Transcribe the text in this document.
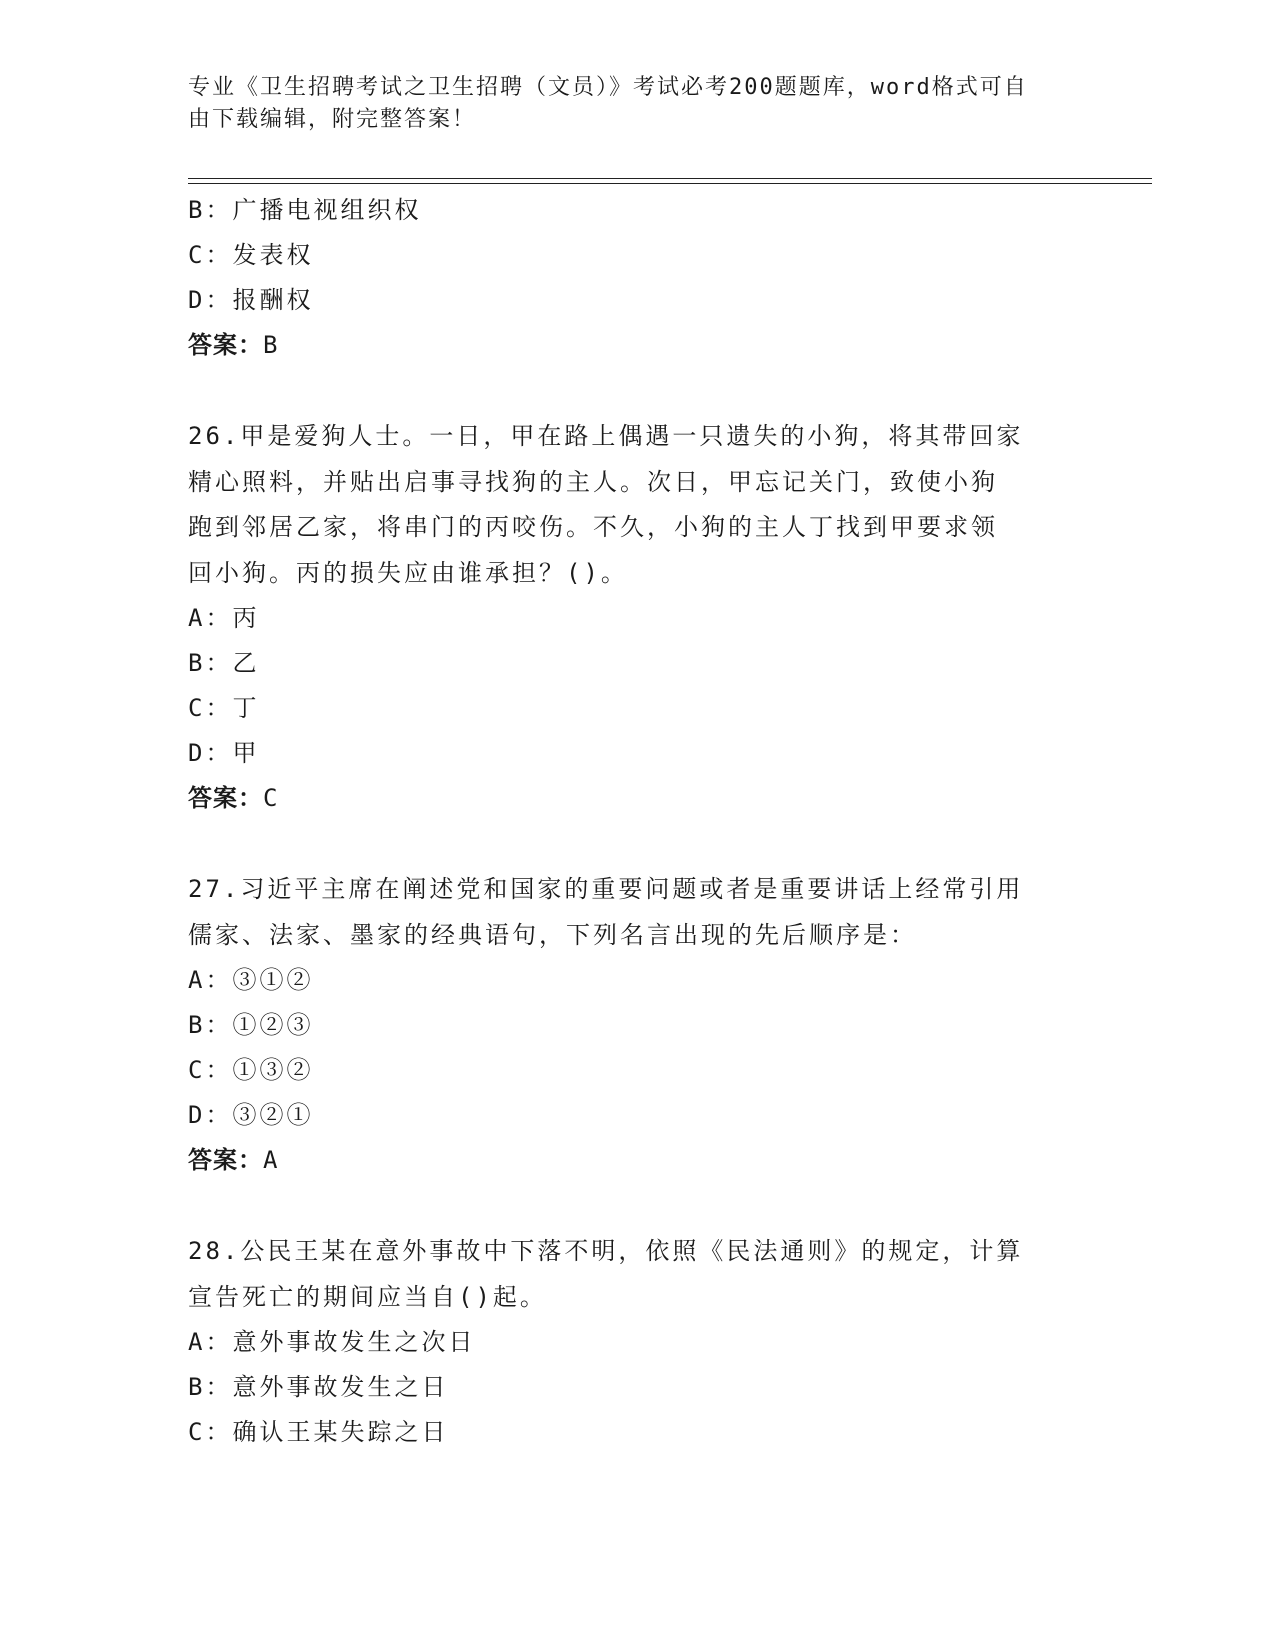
专业《卫生招聘考试之卫生招聘（文员）》考试必考200题题库，word格式可自
由下载编辑，附完整答案！
B：广播电视组织权
C：发表权
D：报酬权
答案：B
26.甲是爱狗人士。一日，甲在路上偶遇一只遗失的小狗，将其带回家
精心照料，并贴出启事寻找狗的主人。次日，甲忘记关门，致使小狗
跑到邻居乙家，将串门的丙咬伤。不久，小狗的主人丁找到甲要求领
回小狗。丙的损失应由谁承担？()。
A：丙
B：乙
C：丁
D：甲
答案：C
27.习近平主席在阐述党和国家的重要问题或者是重要讲话上经常引用
儒家、法家、墨家的经典语句，下列名言出现的先后顺序是：
A：③①②
B：①②③
C：①③②
D：③②①
答案：A
28.公民王某在意外事故中下落不明，依照《民法通则》的规定，计算
宣告死亡的期间应当自()起。
A：意外事故发生之次日
B：意外事故发生之日
C：确认王某失踪之日
